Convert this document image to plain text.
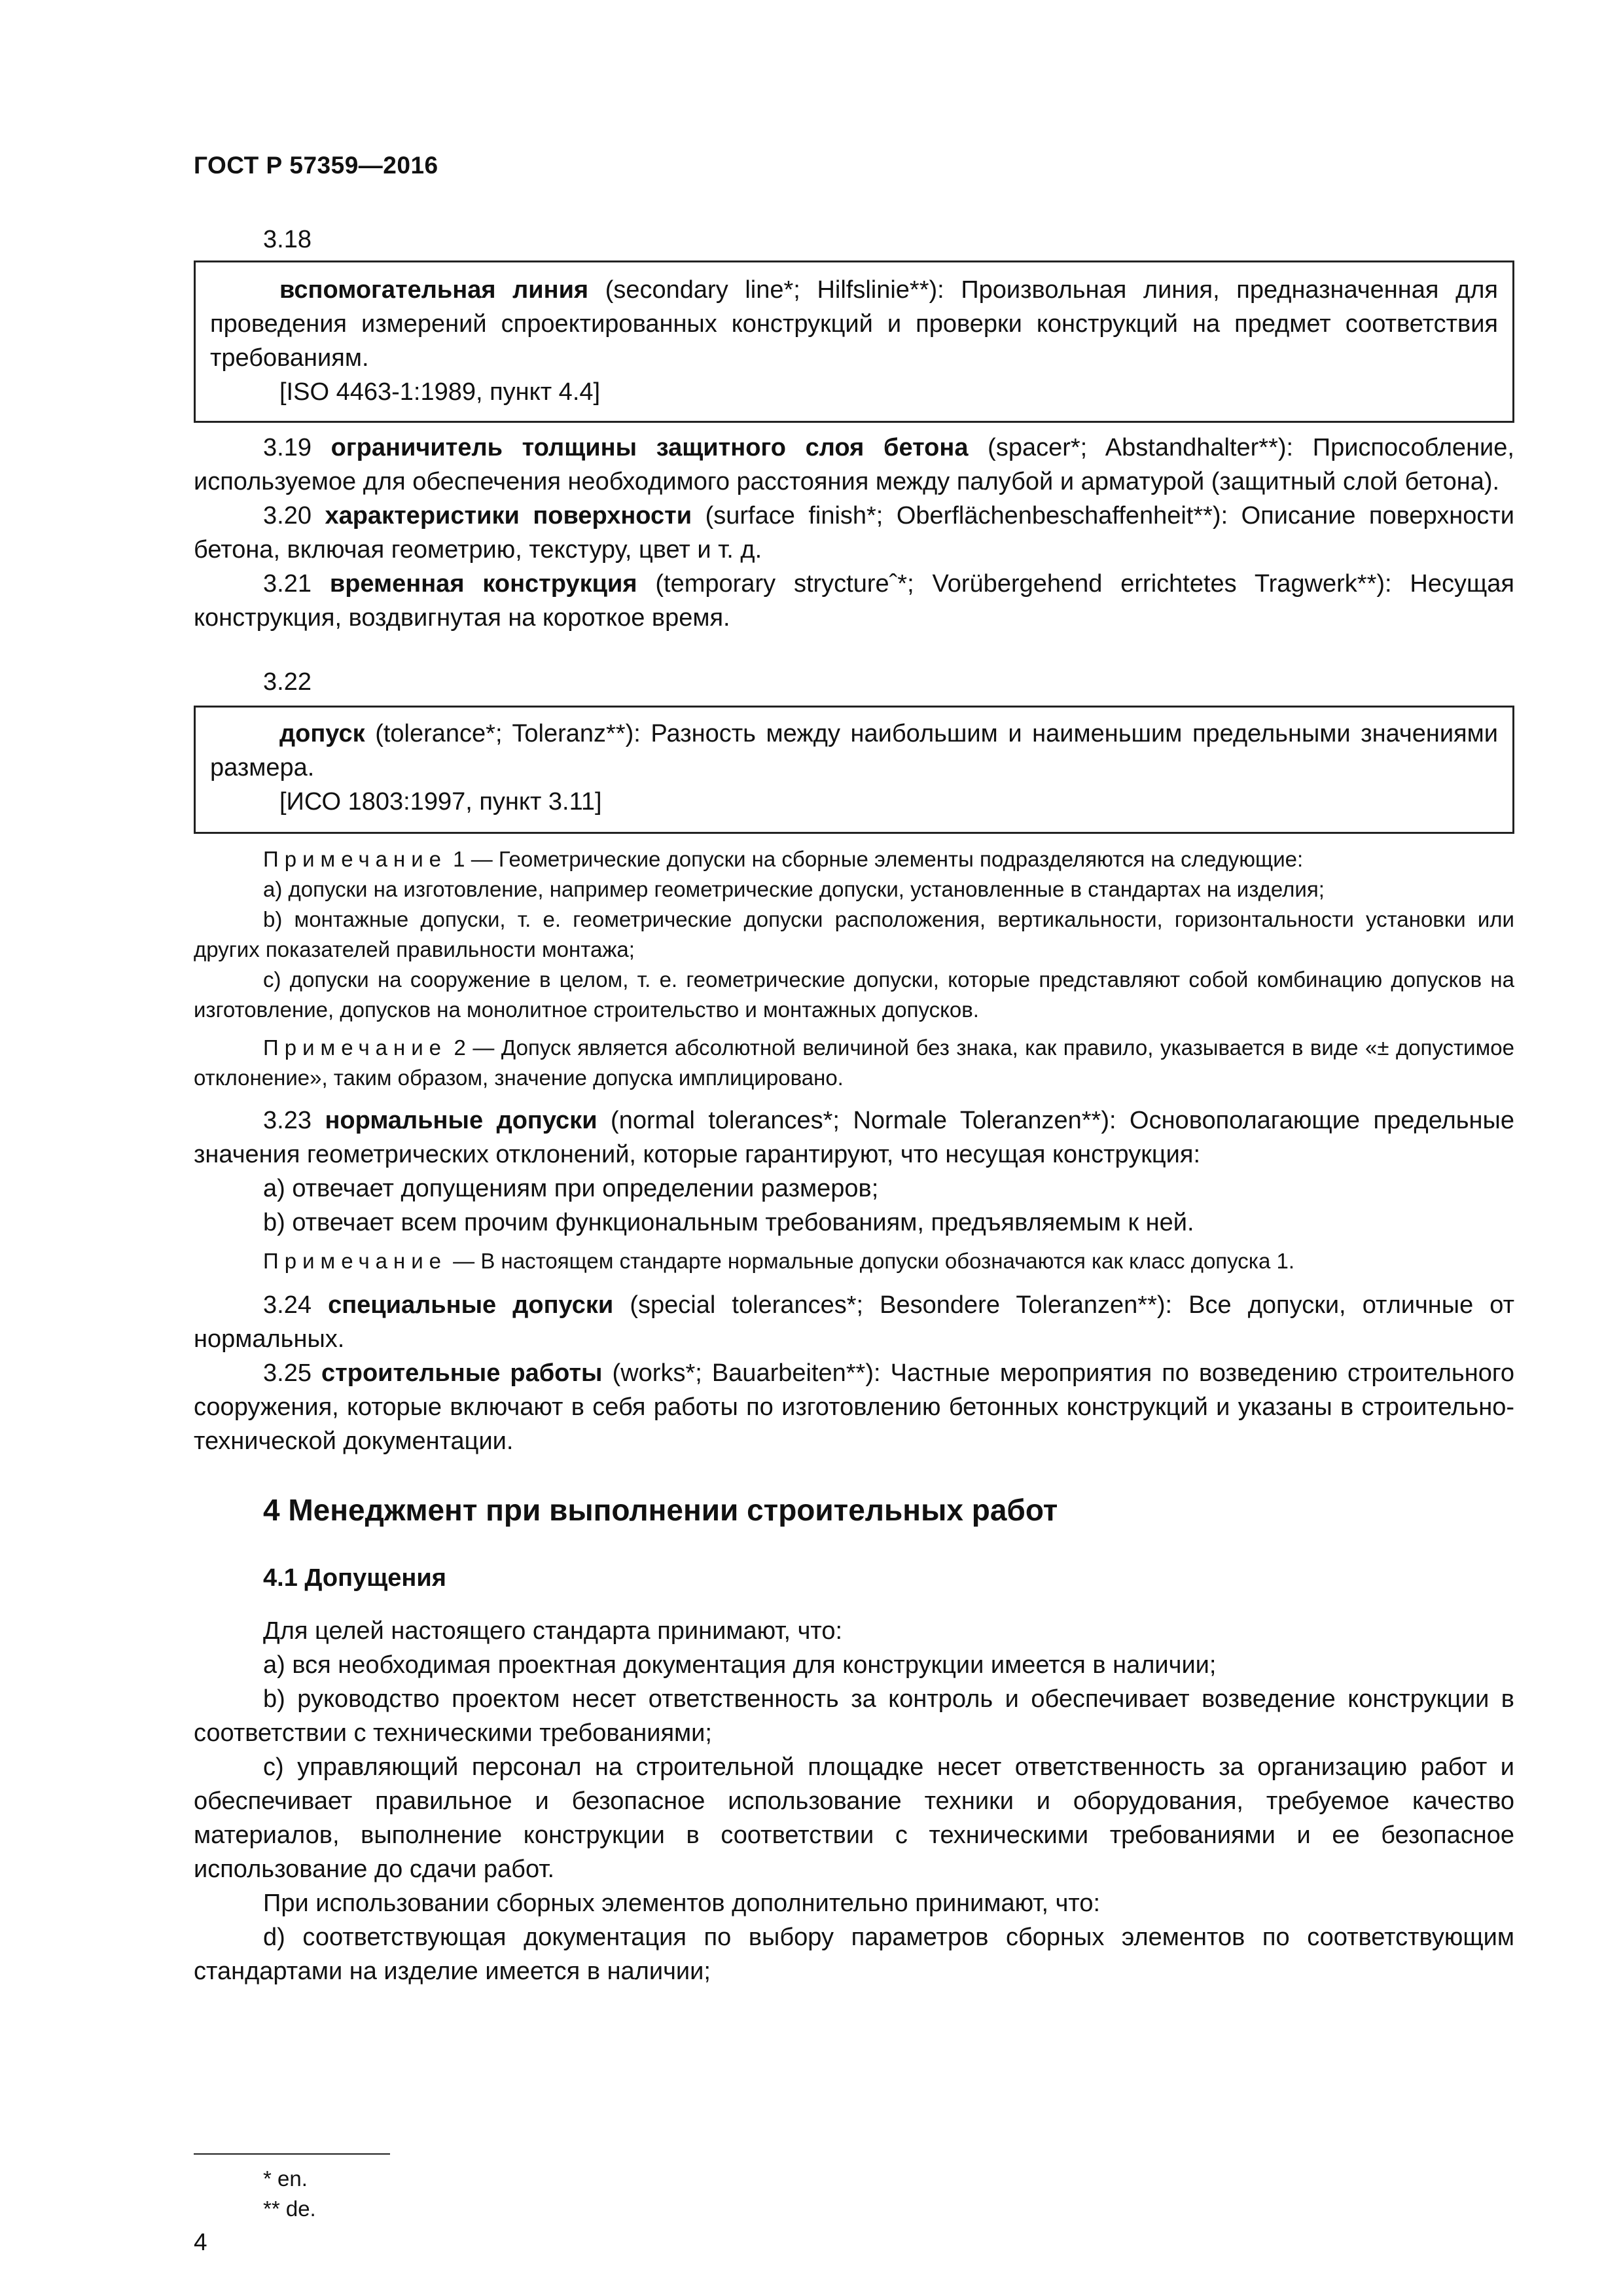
ГОСТ Р 57359—2016
3.18

вспомогательная линия (secondary line*; Hilfslinie**): Произвольная линия, предназначенная для проведения измерений спроектированных конструкций и проверки конструкций на предмет соответствия требованиям.

[ISO 4463-1:1989, пункт 4.4]

3.19 ограничитель толщины защитного слоя бетона (spacer*; Abstandhalter**): Приспособление, используемое для обеспечения необходимого расстояния между палубой и арматурой (защитный слой бетона).

3.20 характеристики поверхности (surface finish*; Oberflächenbeschaffenheit**): Описание поверхности бетона, включая геометрию, текстуру, цвет и т. д.

3.21 временная конструкция (temporary stryctureˆ*; Vorübergehend errichtetes Tragwerk**): Несущая конструкция, воздвигнутая на короткое время.

3.22

допуск (tolerance*; Toleranz**): Разность между наибольшим и наименьшим предельными значениями размера.

[ИСО 1803:1997, пункт 3.11]

Примечание 1 — Геометрические допуски на сборные элементы подразделяются на следующие:

а) допуски на изготовление, например геометрические допуски, установленные в стандартах на изделия;

b) монтажные допуски, т. е. геометрические допуски расположения, вертикальности, горизонтальности установки или других показателей правильности монтажа;

с) допуски на сооружение в целом, т. е. геометрические допуски, которые представляют собой комбинацию допусков на изготовление, допусков на монолитное строительство и монтажных допусков.

Примечание 2 — Допуск является абсолютной величиной без знака, как правило, указывается в виде «± допустимое отклонение», таким образом, значение допуска имплицировано.

3.23 нормальные допуски (normal tolerances*; Normale Toleranzen**): Основополагающие предельные значения геометрических отклонений, которые гарантируют, что несущая конструкция:

а) отвечает допущениям при определении размеров;

b) отвечает всем прочим функциональным требованиям, предъявляемым к ней.

Примечание — В настоящем стандарте нормальные допуски обозначаются как класс допуска 1.

3.24 специальные допуски (special tolerances*; Besondere Toleranzen**): Все допуски, отличные от нормальных.

3.25 строительные работы (works*; Bauarbeiten**): Частные мероприятия по возведению строительного сооружения, которые включают в себя работы по изготовлению бетонных конструкций и указаны в строительно-технической документации.

4 Менеджмент при выполнении строительных работ
4.1 Допущения

Для целей настоящего стандарта принимают, что:

а) вся необходимая проектная документация для конструкции имеется в наличии;

b) руководство проектом несет ответственность за контроль и обеспечивает возведение конструкции в соответствии с техническими требованиями;

с) управляющий персонал на строительной площадке несет ответственность за организацию работ и обеспечивает правильное и безопасное использование техники и оборудования, требуемое качество материалов, выполнение конструкции в соответствии с техническими требованиями и ее безопасное использование до сдачи работ.

При использовании сборных элементов дополнительно принимают, что:

d) соответствующая документация по выбору параметров сборных элементов по соответствующим стандартами на изделие имеется в наличии;

* en.
** de.
4
